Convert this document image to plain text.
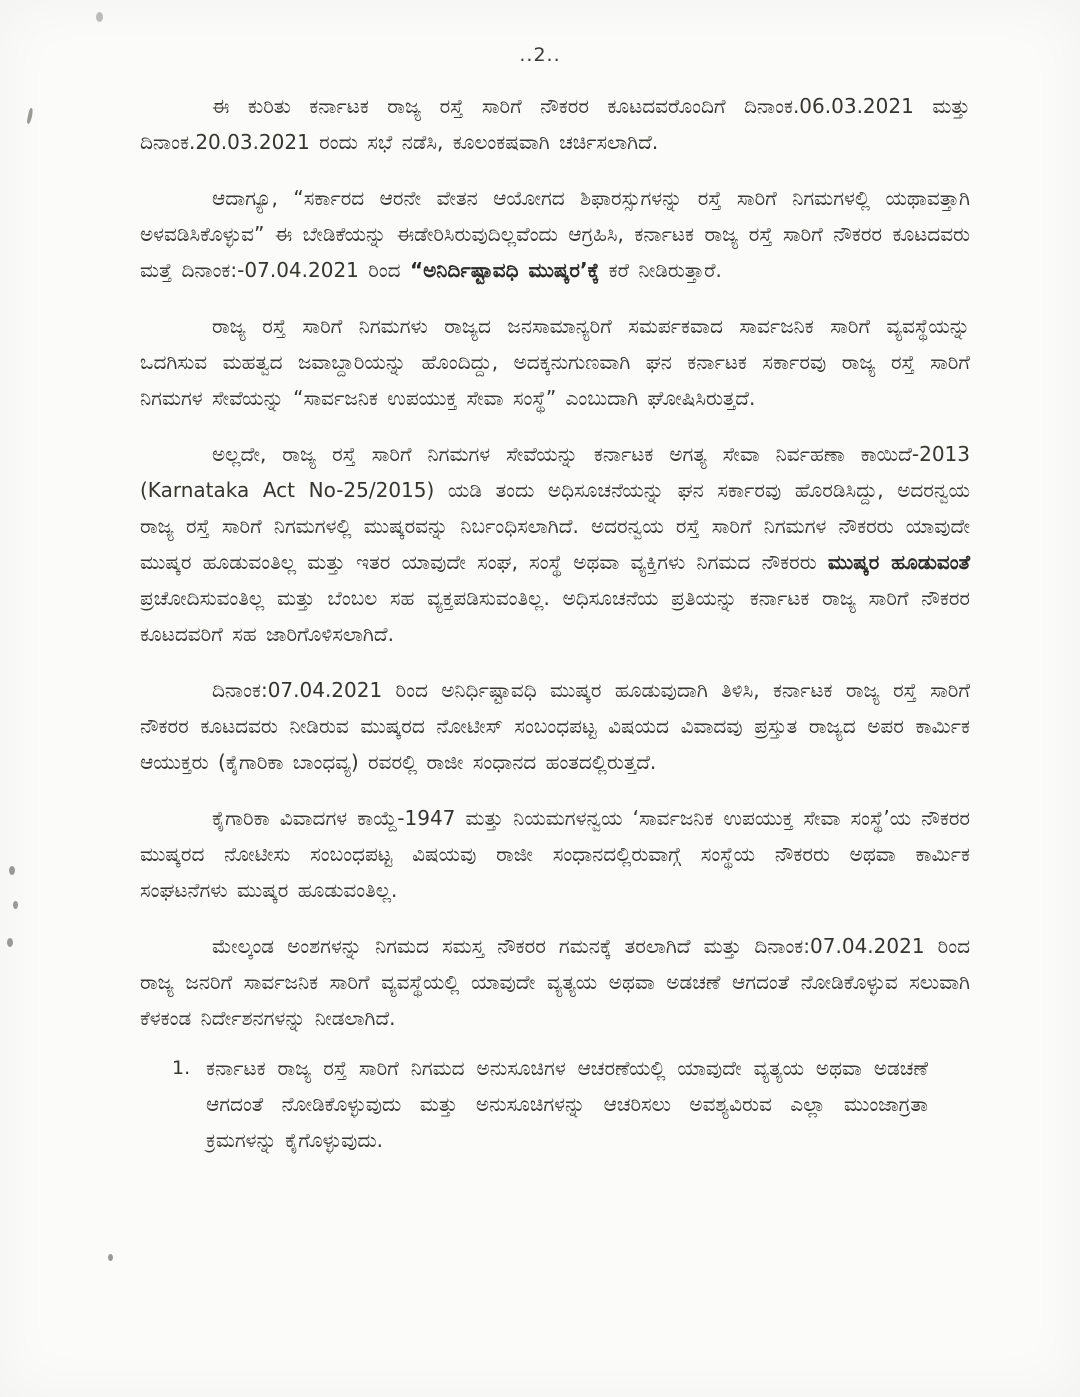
..2..

ಈ ಕುರಿತು ಕರ್ನಾಟಕ ರಾಜ್ಯ ರಸ್ತೆ ಸಾರಿಗೆ ನೌಕರರ ಕೂಟದವರೊಂದಿಗೆ ದಿನಾಂಕ.06.03.2021 ಮತ್ತು ದಿನಾಂಕ.20.03.2021 ರಂದು ಸಭೆ ನಡೆಸಿ, ಕೂಲಂಕಷವಾಗಿ ಚರ್ಚಿಸಲಾಗಿದೆ.

ಆದಾಗ್ಯೂ, “ಸರ್ಕಾರದ ಆರನೇ ವೇತನ ಆಯೋಗದ ಶಿಫಾರಸ್ಸುಗಳನ್ನು ರಸ್ತೆ ಸಾರಿಗೆ ನಿಗಮಗಳಲ್ಲಿ ಯಥಾವತ್ತಾಗಿ ಅಳವಡಿಸಿಕೊಳ್ಳುವ” ಈ ಬೇಡಿಕೆಯನ್ನು ಈಡೇರಿಸಿರುವುದಿಲ್ಲವೆಂದು ಆಗ್ರಹಿಸಿ, ಕರ್ನಾಟಕ ರಾಜ್ಯ ರಸ್ತೆ ಸಾರಿಗೆ ನೌಕರರ ಕೂಟದವರು ಮತ್ತೆ ದಿನಾಂಕ:-07.04.2021 ರಿಂದ “ಅನಿರ್ದಿಷ್ಟಾವಧಿ ಮುಷ್ಕರ’ಕ್ಕೆ ಕರೆ ನೀಡಿರುತ್ತಾರೆ.

ರಾಜ್ಯ ರಸ್ತೆ ಸಾರಿಗೆ ನಿಗಮಗಳು ರಾಜ್ಯದ ಜನಸಾಮಾನ್ಯರಿಗೆ ಸಮರ್ಪಕವಾದ ಸಾರ್ವಜನಿಕ ಸಾರಿಗೆ ವ್ಯವಸ್ಥೆಯನ್ನು ಒದಗಿಸುವ ಮಹತ್ವದ ಜವಾಬ್ದಾರಿಯನ್ನು ಹೊಂದಿದ್ದು, ಅದಕ್ಕನುಗುಣವಾಗಿ ಘನ ಕರ್ನಾಟಕ ಸರ್ಕಾರವು ರಾಜ್ಯ ರಸ್ತೆ ಸಾರಿಗೆ ನಿಗಮಗಳ ಸೇವೆಯನ್ನು “ಸಾರ್ವಜನಿಕ ಉಪಯುಕ್ತ ಸೇವಾ ಸಂಸ್ಥೆ” ಎಂಬುದಾಗಿ ಘೋಷಿಸಿರುತ್ತದೆ.

ಅಲ್ಲದೇ, ರಾಜ್ಯ ರಸ್ತೆ ಸಾರಿಗೆ ನಿಗಮಗಳ ಸೇವೆಯನ್ನು ಕರ್ನಾಟಕ ಅಗತ್ಯ ಸೇವಾ ನಿರ್ವಹಣಾ ಕಾಯಿದೆ-2013 (Karnataka Act No-25/2015) ಯಡಿ ತಂದು ಅಧಿಸೂಚನೆಯನ್ನು ಘನ ಸರ್ಕಾರವು ಹೊರಡಿಸಿದ್ದು, ಅದರನ್ವಯ ರಾಜ್ಯ ರಸ್ತೆ ಸಾರಿಗೆ ನಿಗಮಗಳಲ್ಲಿ ಮುಷ್ಕರವನ್ನು ನಿರ್ಬಂಧಿಸಲಾಗಿದೆ. ಅದರನ್ವಯ ರಸ್ತೆ ಸಾರಿಗೆ ನಿಗಮಗಳ ನೌಕರರು ಯಾವುದೇ ಮುಷ್ಕರ ಹೂಡುವಂತಿಲ್ಲ ಮತ್ತು ಇತರ ಯಾವುದೇ ಸಂಘ, ಸಂಸ್ಥೆ ಅಥವಾ ವ್ಯಕ್ತಿಗಳು ನಿಗಮದ ನೌಕರರು ಮುಷ್ಕರ ಹೂಡುವಂತೆ ಪ್ರಚೋದಿಸುವಂತಿಲ್ಲ ಮತ್ತು ಬೆಂಬಲ ಸಹ ವ್ಯಕ್ತಪಡಿಸುವಂತಿಲ್ಲ. ಅಧಿಸೂಚನೆಯ ಪ್ರತಿಯನ್ನು ಕರ್ನಾಟಕ ರಾಜ್ಯ ಸಾರಿಗೆ ನೌಕರರ ಕೂಟದವರಿಗೆ ಸಹ ಜಾರಿಗೊಳಿಸಲಾಗಿದೆ.

ದಿನಾಂಕ:07.04.2021 ರಿಂದ ಅನಿರ್ಧಿಷ್ಟಾವಧಿ ಮುಷ್ಕರ ಹೂಡುವುದಾಗಿ ತಿಳಿಸಿ, ಕರ್ನಾಟಕ ರಾಜ್ಯ ರಸ್ತೆ ಸಾರಿಗೆ ನೌಕರರ ಕೂಟದವರು ನೀಡಿರುವ ಮುಷ್ಕರದ ನೋಟೀಸ್ ಸಂಬಂಧಪಟ್ಟ ವಿಷಯದ ವಿವಾದವು ಪ್ರಸ್ತುತ ರಾಜ್ಯದ ಅಪರ ಕಾರ್ಮಿಕ ಆಯುಕ್ತರು (ಕೈಗಾರಿಕಾ ಬಾಂಧವ್ಯ) ರವರಲ್ಲಿ ರಾಜೀ ಸಂಧಾನದ ಹಂತದಲ್ಲಿರುತ್ತದೆ.

ಕೈಗಾರಿಕಾ ವಿವಾದಗಳ ಕಾಯ್ದೆ-1947 ಮತ್ತು ನಿಯಮಗಳನ್ವಯ ‘ಸಾರ್ವಜನಿಕ ಉಪಯುಕ್ತ ಸೇವಾ ಸಂಸ್ಥೆ’ಯ ನೌಕರರ ಮುಷ್ಕರದ ನೋಟೀಸು ಸಂಬಂಧಪಟ್ಟ ವಿಷಯವು ರಾಜೀ ಸಂಧಾನದಲ್ಲಿರುವಾಗ್ಗೆ ಸಂಸ್ಥೆಯ ನೌಕರರು ಅಥವಾ ಕಾರ್ಮಿಕ ಸಂಘಟನೆಗಳು ಮುಷ್ಕರ ಹೂಡುವಂತಿಲ್ಲ.

ಮೇಲ್ಕಂಡ ಅಂಶಗಳನ್ನು ನಿಗಮದ ಸಮಸ್ತ ನೌಕರರ ಗಮನಕ್ಕೆ ತರಲಾಗಿದೆ ಮತ್ತು ದಿನಾಂಕ:07.04.2021 ರಿಂದ ರಾಜ್ಯ ಜನರಿಗೆ ಸಾರ್ವಜನಿಕ ಸಾರಿಗೆ ವ್ಯವಸ್ಥೆಯಲ್ಲಿ ಯಾವುದೇ ವ್ಯತ್ಯಯ ಅಥವಾ ಅಡಚಣೆ ಆಗದಂತೆ ನೋಡಿಕೊಳ್ಳುವ ಸಲುವಾಗಿ ಕೆಳಕಂಡ ನಿರ್ದೇಶನಗಳನ್ನು ನೀಡಲಾಗಿದೆ.

1. ಕರ್ನಾಟಕ ರಾಜ್ಯ ರಸ್ತೆ ಸಾರಿಗೆ ನಿಗಮದ ಅನುಸೂಚಿಗಳ ಆಚರಣೆಯಲ್ಲಿ ಯಾವುದೇ ವ್ಯತ್ಯಯ ಅಥವಾ ಅಡಚಣೆ ಆಗದಂತೆ ನೋಡಿಕೊಳ್ಳುವುದು ಮತ್ತು ಅನುಸೂಚಿಗಳನ್ನು ಆಚರಿಸಲು ಅವಶ್ಯವಿರುವ ಎಲ್ಲಾ ಮುಂಜಾಗ್ರತಾ ಕ್ರಮಗಳನ್ನು ಕೈಗೊಳ್ಳುವುದು.
